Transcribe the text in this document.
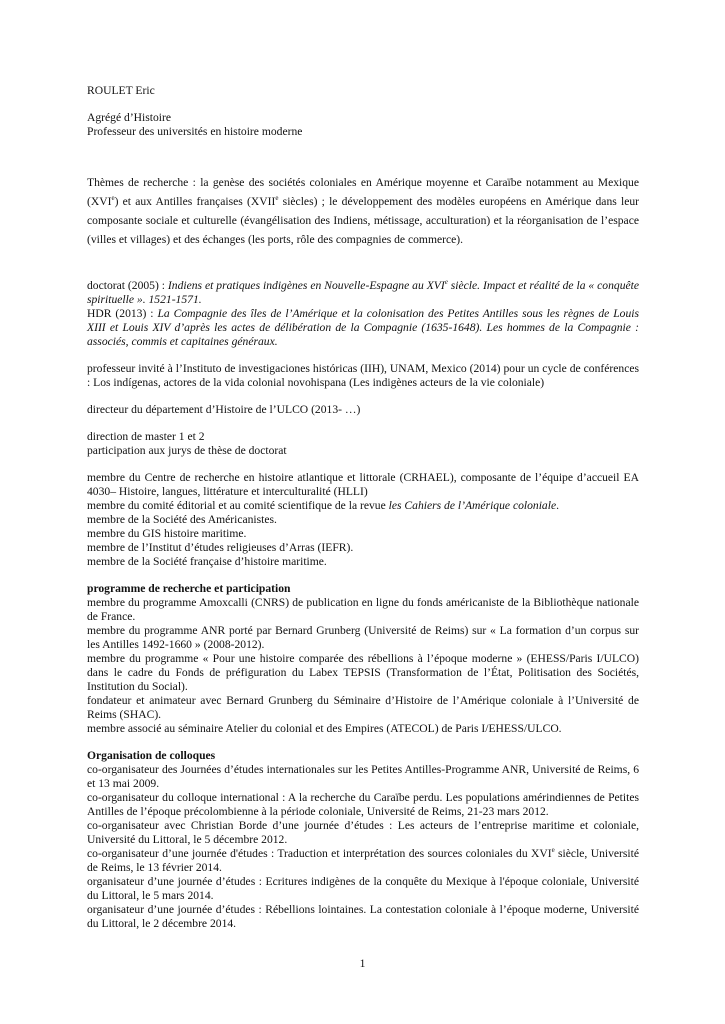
ROULET Eric

Agrégé d’Histoire

Professeur des universités en histoire moderne

Thèmes de recherche : la genèse des sociétés coloniales en Amérique moyenne et Caraïbe notamment au Mexique (XVIe) et aux Antilles françaises (XVIIe siècles) ; le développement des modèles européens en Amérique dans leur composante sociale et culturelle (évangélisation des Indiens, métissage, acculturation) et la réorganisation de l’espace (villes et villages) et des échanges (les ports, rôle des compagnies de commerce).

doctorat (2005) : Indiens et pratiques indigènes en Nouvelle-Espagne au XVIe siècle. Impact et réalité de la « conquête spirituelle ». 1521-1571.

HDR (2013) : La Compagnie des îles de l’Amérique et la colonisation des Petites Antilles sous les règnes de Louis XIII et Louis XIV d’après les actes de délibération de la Compagnie (1635-1648). Les hommes de la Compagnie : associés, commis et capitaines généraux.

professeur invité à l’Instituto de investigaciones históricas (IIH), UNAM, Mexico (2014) pour un cycle de conférences : Los indígenas, actores de la vida colonial novohispana (Les indigènes acteurs de la vie coloniale)

directeur du département d’Histoire de l’ULCO (2013- …)

direction de master 1 et 2

participation aux jurys de thèse de doctorat

membre du Centre de recherche en histoire atlantique et littorale (CRHAEL), composante de l’équipe d’accueil EA 4030– Histoire, langues, littérature et interculturalité (HLLI)

membre du comité éditorial et au comité scientifique de la revue les Cahiers de l’Amérique coloniale.

membre de la Société des Américanistes.

membre du GIS histoire maritime.

membre de l’Institut d’études religieuses d’Arras (IEFR).

membre de la Société française d’histoire maritime.

programme de recherche et participation

membre du programme Amoxcalli (CNRS) de publication en ligne du fonds américaniste de la Bibliothèque nationale de France.

membre du programme ANR porté par Bernard Grunberg (Université de Reims) sur « La formation d’un corpus sur les Antilles 1492-1660 » (2008-2012).

membre du programme « Pour une histoire comparée des rébellions à l’époque moderne » (EHESS/Paris I/ULCO) dans le cadre du Fonds de préfiguration du Labex TEPSIS (Transformation de l’État, Politisation des Sociétés, Institution du Social).

fondateur et animateur avec Bernard Grunberg du Séminaire d’Histoire de l’Amérique coloniale à l’Université de Reims (SHAC).

membre associé au séminaire Atelier du colonial et des Empires (ATECOL) de Paris I/EHESS/ULCO.

Organisation de colloques

co-organisateur des Journées d’études internationales sur les Petites Antilles-Programme ANR, Université de Reims, 6 et 13 mai 2009.

co-organisateur du colloque international : A la recherche du Caraïbe perdu. Les populations amérindiennes de Petites Antilles de l’époque précolombienne à la période coloniale, Université de Reims, 21-23 mars 2012.

co-organisateur avec Christian Borde d’une journée d’études : Les acteurs de l’entreprise maritime et coloniale, Université du Littoral, le 5 décembre 2012.

co-organisateur d’une journée d'études : Traduction et interprétation des sources coloniales du XVIe siècle, Université de Reims, le 13 février 2014.

organisateur d’une journée d’études : Ecritures indigènes de la conquête du Mexique à l'époque coloniale, Université du Littoral, le 5 mars 2014.

organisateur d’une journée d’études : Rébellions lointaines. La contestation coloniale à l’époque moderne, Université du Littoral, le 2 décembre 2014.

1
